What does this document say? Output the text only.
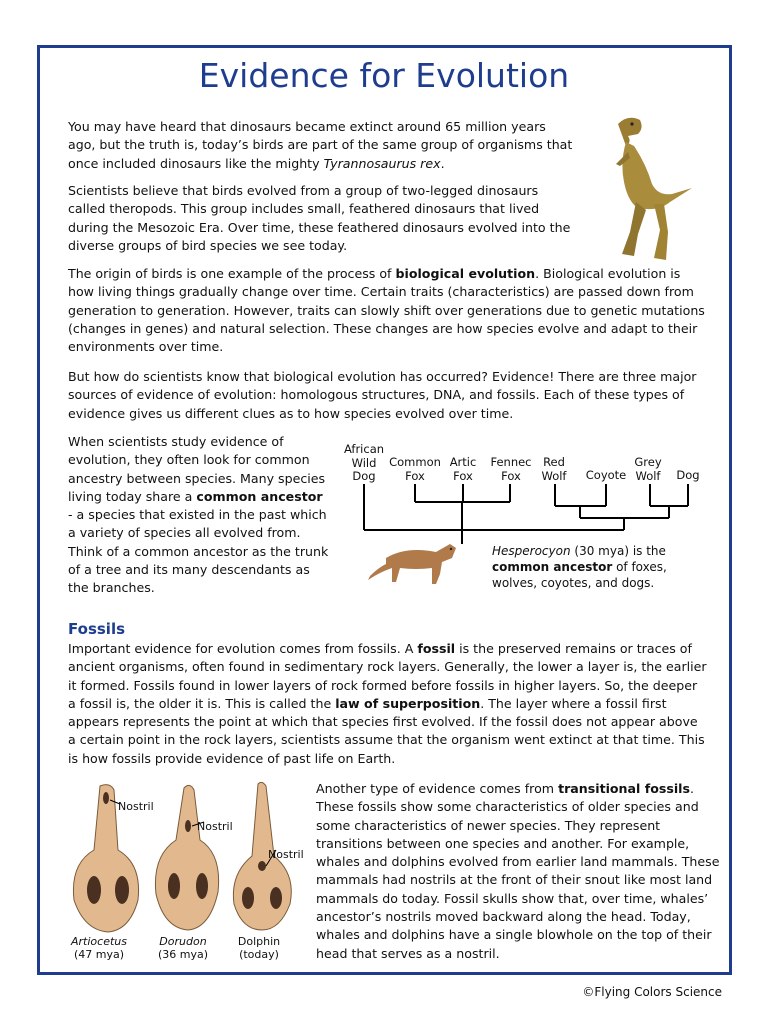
Evidence for Evolution

You may have heard that dinosaurs became extinct around 65 million years ago, but the truth is, today’s birds are part of the same group of organisms that once included dinosaurs like the mighty Tyrannosaurus rex.

Scientists believe that birds evolved from a group of two-legged dinosaurs called theropods. This group includes small, feathered dinosaurs that lived during the Mesozoic Era. Over time, these feathered dinosaurs evolved into the diverse groups of bird species we see today.

The origin of birds is one example of the process of biological evolution. Biological evolution is how living things gradually change over time. Certain traits (characteristics) are passed down from generation to generation. However, traits can slowly shift over generations due to genetic mutations (changes in genes) and natural selection. These changes are how species evolve and adapt to their environments over time.

But how do scientists know that biological evolution has occurred? Evidence! There are three major sources of evidence of evolution: homologous structures, DNA, and fossils. Each of these types of evidence gives us different clues as to how species evolved over time.

When scientists study evidence of evolution, they often look for common ancestry between species. Many species living today share a common ancestor - a species that existed in the past which a variety of species all evolved from. Think of a common ancestor as the trunk of a tree and its many descendants as the branches.

African Wild Dog
Common Fox
Artic Fox
Fennec Fox
Red Wolf	Coyote
Grey Wolf	Dog
Hesperocyon (30 mya) is the common ancestor of foxes, wolves, coyotes, and dogs.
Fossils

Important evidence for evolution comes from fossils. A fossil is the preserved remains or traces of ancient organisms, often found in sedimentary rock layers. Generally, the lower a layer is, the earlier it formed. Fossils found in lower layers of rock formed before fossils in higher layers. So, the deeper a fossil is, the older it is. This is called the law of superposition. The layer where a fossil first appears represents the point at which that species first evolved. If the fossil does not appear above a certain point in the rock layers, scientists assume that the organism went extinct at that time. This is how fossils provide evidence of past life on Earth.

Another type of evidence comes from transitional fossils. These fossils show some characteristics of older species and some characteristics of newer species. They represent transitions between one species and another. For example, whales and dolphins evolved from earlier land mammals. These mammals had nostrils at the front of their snout like most land mammals do today. Fossil skulls show that, over time, whales’ ancestor’s nostrils moved backward along the head. Today, whales and dolphins have a single blowhole on the top of their head that serves as a nostril.

Nostril
Nostril
Nostril
Artiocetus
(47 mya)
Dorudon
(36 mya)
Dolphin
(today)
©Flying Colors Science
